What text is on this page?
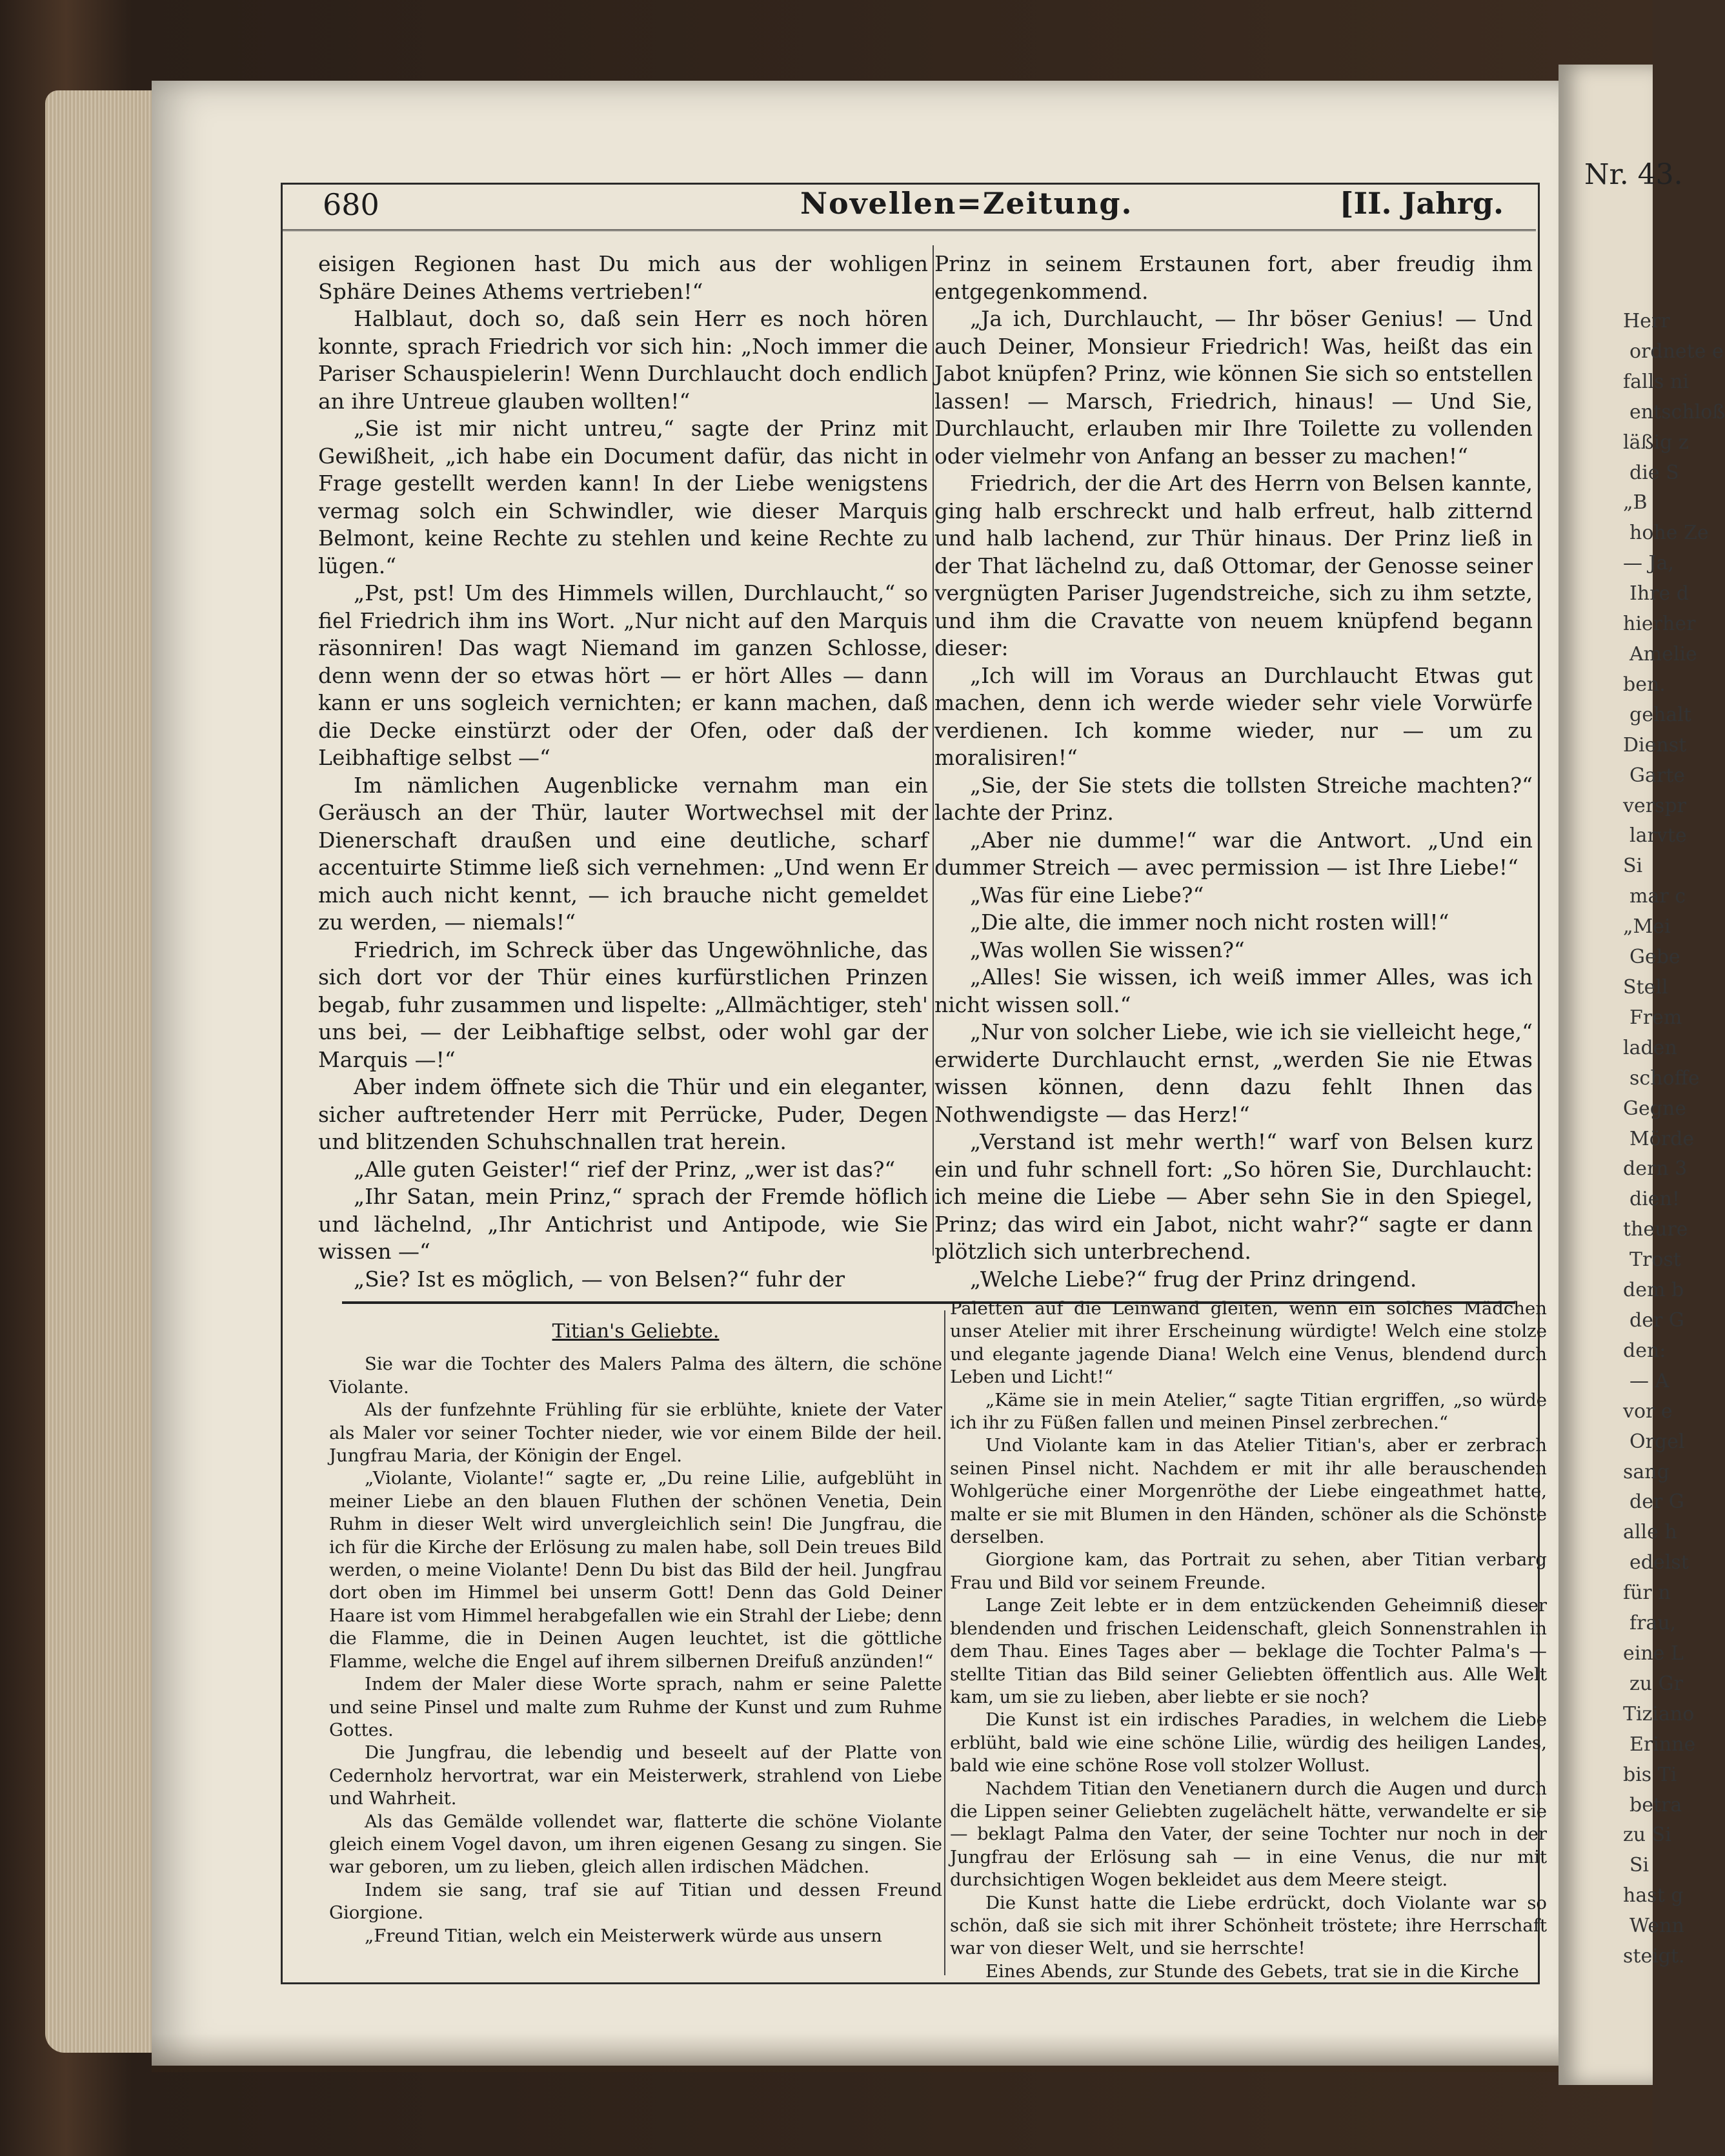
Nr. 43.
Herr
ordnete e
falls ni
entschloß
läßig z
die S
„B
hohe Ze
— Ja,
Ihre d
hierher
Amelie
ben.
gehalt
Dienst
Garte
verspr
larvte
Si
mar c
„Mei
Gebe
Stell
Frem
laden
schoffe
Gegne
Mörde
dern 3
dien!
theure
Trost
dem b
der G
den:
— A
vor e
Orgel
sang
der G
alle h
edelst
für n
frau,
eine L
zu Gr
Tiziano
Erinne
bis Ti
betra
zu Si
Si
hast g
Wenn
steigt.
680	Novellen=Zeitung.	[II. Jahrg.

eisigen Regionen hast Du mich aus der wohligen Sphäre Deines Athems vertrieben!“

Halblaut, doch so, daß sein Herr es noch hören konnte, sprach Friedrich vor sich hin: „Noch immer die Pariser Schauspielerin! Wenn Durchlaucht doch endlich an ihre Untreue glauben wollten!“

„Sie ist mir nicht untreu,“ sagte der Prinz mit Gewißheit, „ich habe ein Document dafür, das nicht in Frage gestellt werden kann! In der Liebe wenigstens vermag solch ein Schwindler, wie dieser Marquis Belmont, keine Rechte zu stehlen und keine Rechte zu lügen.“

„Pst, pst! Um des Himmels willen, Durchlaucht,“ so fiel Friedrich ihm ins Wort. „Nur nicht auf den Marquis räsonniren! Das wagt Niemand im ganzen Schlosse, denn wenn der so etwas hört — er hört Alles — dann kann er uns sogleich vernichten; er kann machen, daß die Decke einstürzt oder der Ofen, oder daß der Leibhaftige selbst —“

Im nämlichen Augenblicke vernahm man ein Geräusch an der Thür, lauter Wortwechsel mit der Dienerschaft draußen und eine deutliche, scharf accentuirte Stimme ließ sich vernehmen: „Und wenn Er mich auch nicht kennt, — ich brauche nicht gemeldet zu werden, — niemals!“

Friedrich, im Schreck über das Ungewöhnliche, das sich dort vor der Thür eines kurfürstlichen Prinzen begab, fuhr zusammen und lispelte: „Allmächtiger, steh' uns bei, — der Leibhaftige selbst, oder wohl gar der Marquis —!“

Aber indem öffnete sich die Thür und ein eleganter, sicher auftretender Herr mit Perrücke, Puder, Degen und blitzenden Schuhschnallen trat herein.

„Alle guten Geister!“ rief der Prinz, „wer ist das?“

„Ihr Satan, mein Prinz,“ sprach der Fremde höflich und lächelnd, „Ihr Antichrist und Antipode, wie Sie wissen —“

„Sie? Ist es möglich, — von Belsen?“ fuhr der

Prinz in seinem Erstaunen fort, aber freudig ihm entgegenkommend.

„Ja ich, Durchlaucht, — Ihr böser Genius! — Und auch Deiner, Monsieur Friedrich! Was, heißt das ein Jabot knüpfen? Prinz, wie können Sie sich so entstellen lassen! — Marsch, Friedrich, hinaus! — Und Sie, Durchlaucht, erlauben mir Ihre Toilette zu vollenden oder vielmehr von Anfang an besser zu machen!“

Friedrich, der die Art des Herrn von Belsen kannte, ging halb erschreckt und halb erfreut, halb zitternd und halb lachend, zur Thür hinaus. Der Prinz ließ in der That lächelnd zu, daß Ottomar, der Genosse seiner vergnügten Pariser Jugendstreiche, sich zu ihm setzte, und ihm die Cravatte von neuem knüpfend begann dieser:

„Ich will im Voraus an Durchlaucht Etwas gut machen, denn ich werde wieder sehr viele Vorwürfe verdienen. Ich komme wieder, nur — um zu moralisiren!“

„Sie, der Sie stets die tollsten Streiche machten?“ lachte der Prinz.

„Aber nie dumme!“ war die Antwort. „Und ein dummer Streich — avec permission — ist Ihre Liebe!“

„Was für eine Liebe?“

„Die alte, die immer noch nicht rosten will!“

„Was wollen Sie wissen?“

„Alles! Sie wissen, ich weiß immer Alles, was ich nicht wissen soll.“

„Nur von solcher Liebe, wie ich sie vielleicht hege,“ erwiderte Durchlaucht ernst, „werden Sie nie Etwas wissen können, denn dazu fehlt Ihnen das Nothwendigste — das Herz!“

„Verstand ist mehr werth!“ warf von Belsen kurz ein und fuhr schnell fort: „So hören Sie, Durchlaucht: ich meine die Liebe — Aber sehn Sie in den Spiegel, Prinz; das wird ein Jabot, nicht wahr?“ sagte er dann plötzlich sich unterbrechend.

„Welche Liebe?“ frug der Prinz dringend.

Titian's Geliebte.

Sie war die Tochter des Malers Palma des ältern, die schöne Violante.

Als der funfzehnte Frühling für sie erblühte, kniete der Vater als Maler vor seiner Tochter nieder, wie vor einem Bilde der heil. Jungfrau Maria, der Königin der Engel.

„Violante, Violante!“ sagte er, „Du reine Lilie, aufgeblüht in meiner Liebe an den blauen Fluthen der schönen Venetia, Dein Ruhm in dieser Welt wird unvergleichlich sein! Die Jungfrau, die ich für die Kirche der Erlösung zu malen habe, soll Dein treues Bild werden, o meine Violante! Denn Du bist das Bild der heil. Jungfrau dort oben im Himmel bei unserm Gott! Denn das Gold Deiner Haare ist vom Himmel herabgefallen wie ein Strahl der Liebe; denn die Flamme, die in Deinen Augen leuchtet, ist die göttliche Flamme, welche die Engel auf ihrem silbernen Dreifuß anzünden!“

Indem der Maler diese Worte sprach, nahm er seine Palette und seine Pinsel und malte zum Ruhme der Kunst und zum Ruhme Gottes.

Die Jungfrau, die lebendig und beseelt auf der Platte von Cedernholz hervortrat, war ein Meisterwerk, strahlend von Liebe und Wahrheit.

Als das Gemälde vollendet war, flatterte die schöne Violante gleich einem Vogel davon, um ihren eigenen Gesang zu singen. Sie war geboren, um zu lieben, gleich allen irdischen Mädchen.

Indem sie sang, traf sie auf Titian und dessen Freund Giorgione.

„Freund Titian, welch ein Meisterwerk würde aus unsern

Paletten auf die Leinwand gleiten, wenn ein solches Mädchen unser Atelier mit ihrer Erscheinung würdigte! Welch eine stolze und elegante jagende Diana! Welch eine Venus, blendend durch Leben und Licht!“

„Käme sie in mein Atelier,“ sagte Titian ergriffen, „so würde ich ihr zu Füßen fallen und meinen Pinsel zerbrechen.“

Und Violante kam in das Atelier Titian's, aber er zerbrach seinen Pinsel nicht. Nachdem er mit ihr alle berauschenden Wohlgerüche einer Morgenröthe der Liebe eingeathmet hatte, malte er sie mit Blumen in den Händen, schöner als die Schönste derselben.

Giorgione kam, das Portrait zu sehen, aber Titian verbarg Frau und Bild vor seinem Freunde.

Lange Zeit lebte er in dem entzückenden Geheimniß dieser blendenden und frischen Leidenschaft, gleich Sonnenstrahlen in dem Thau. Eines Tages aber — beklage die Tochter Palma's — stellte Titian das Bild seiner Geliebten öffentlich aus. Alle Welt kam, um sie zu lieben, aber liebte er sie noch?

Die Kunst ist ein irdisches Paradies, in welchem die Liebe erblüht, bald wie eine schöne Lilie, würdig des heiligen Landes, bald wie eine schöne Rose voll stolzer Wollust.

Nachdem Titian den Venetianern durch die Augen und durch die Lippen seiner Geliebten zugelächelt hätte, verwandelte er sie — beklagt Palma den Vater, der seine Tochter nur noch in der Jungfrau der Erlösung sah — in eine Venus, die nur mit durchsichtigen Wogen bekleidet aus dem Meere steigt.

Die Kunst hatte die Liebe erdrückt, doch Violante war so schön, daß sie sich mit ihrer Schönheit tröstete; ihre Herrschaft war von dieser Welt, und sie herrschte!

Eines Abends, zur Stunde des Gebets, trat sie in die Kirche
